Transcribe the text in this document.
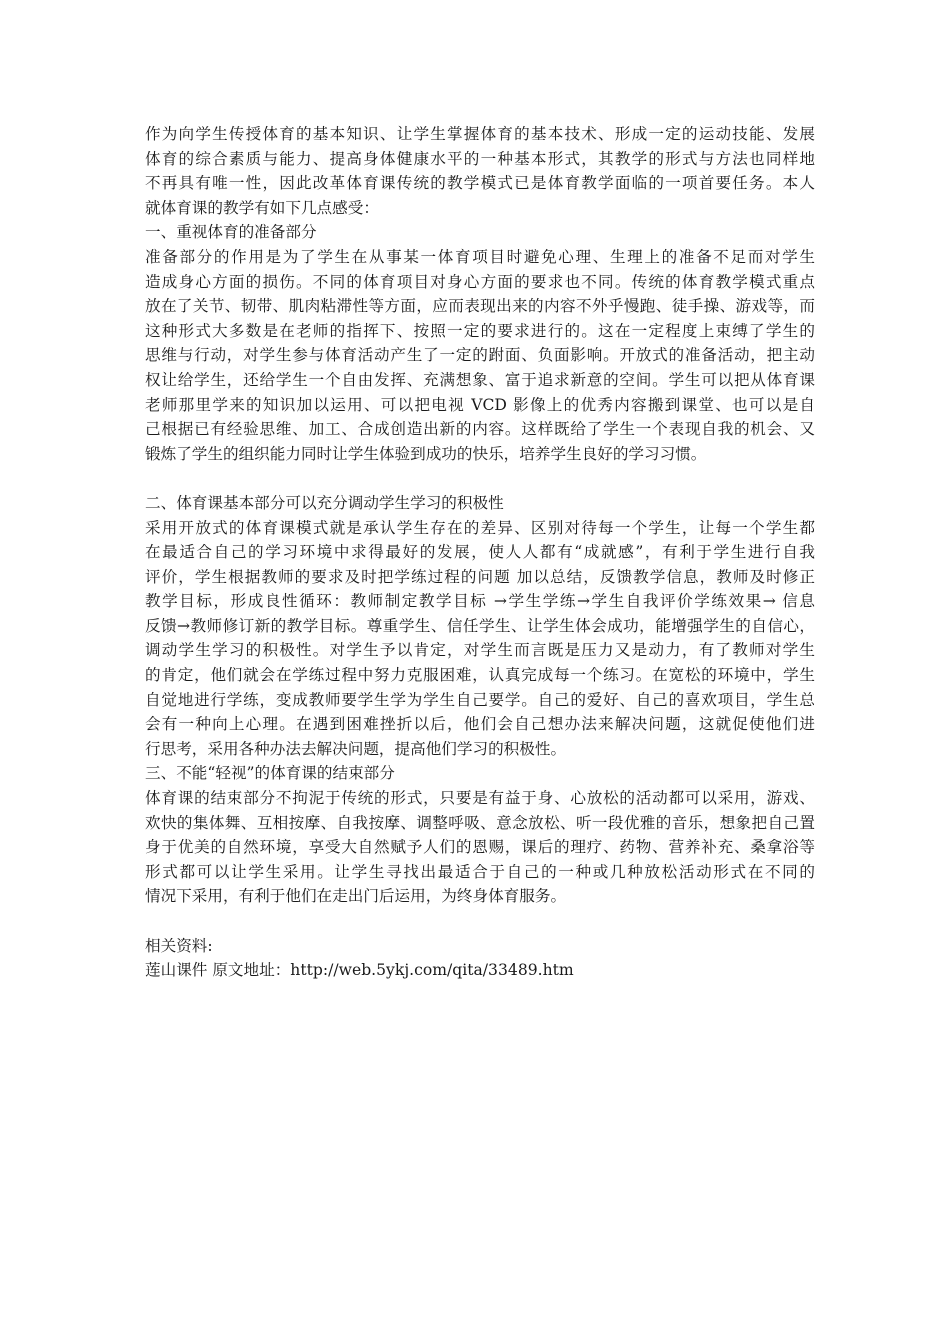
作为向学生传授体育的基本知识、让学生掌握体育的基本技术、形成一定的运动技能、发展
体育的综合素质与能力、提高身体健康水平的一种基本形式，其教学的形式与方法也同样地
不再具有唯一性，因此改革体育课传统的教学模式已是体育教学面临的一项首要任务。本人
就体育课的教学有如下几点感受：
一、重视体育的准备部分
准备部分的作用是为了学生在从事某一体育项目时避免心理、生理上的准备不足而对学生
造成身心方面的损伤。不同的体育项目对身心方面的要求也不同。传统的体育教学模式重点
放在了关节、韧带、肌肉粘滞性等方面，应而表现出来的内容不外乎慢跑、徒手操、游戏等，而
这种形式大多数是在老师的指挥下、按照一定的要求进行的。这在一定程度上束缚了学生的
思维与行动，对学生参与体育活动产生了一定的跗面、负面影响。开放式的准备活动，把主动
权让给学生，还给学生一个自由发挥、充满想象、富于追求新意的空间。学生可以把从体育课
老师那里学来的知识加以运用、可以把电视 VCD 影像上的优秀内容搬到课堂、也可以是自
己根据已有经验思维、加工、合成创造出新的内容。这样既给了学生一个表现自我的机会、又
锻炼了学生的组织能力同时让学生体验到成功的快乐，培养学生良好的学习习惯。
二、体育课基本部分可以充分调动学生学习的积极性
采用开放式的体育课模式就是承认学生存在的差异、区别对待每一个学生，让每一个学生都
在最适合自己的学习环境中求得最好的发展，使人人都有“成就感”，有利于学生进行自我
评价，学生根据教师的要求及时把学练过程的问题 加以总结，反馈教学信息，教师及时修正
教学目标，形成良性循环：教师制定教学目标 →学生学练→学生自我评价学练效果→ 信息
反馈→教师修订新的教学目标。尊重学生、信任学生、让学生体会成功，能增强学生的自信心，
调动学生学习的积极性。对学生予以肯定，对学生而言既是压力又是动力，有了教师对学生
的肯定，他们就会在学练过程中努力克服困难，认真完成每一个练习。在宽松的环境中，学生
自觉地进行学练，变成教师要学生学为学生自己要学。自己的爱好、自己的喜欢项目，学生总
会有一种向上心理。在遇到困难挫折以后，他们会自己想办法来解决问题，这就促使他们进
行思考，采用各种办法去解决问题，提高他们学习的积极性。
三、不能“轻视”的体育课的结束部分
体育课的结束部分不拘泥于传统的形式，只要是有益于身、心放松的活动都可以采用，游戏、
欢快的集体舞、互相按摩、自我按摩、调整呼吸、意念放松、听一段优雅的音乐，想象把自己置
身于优美的自然环境，享受大自然赋予人们的恩赐，课后的理疗、药物、营养补充、桑拿浴等
形式都可以让学生采用。让学生寻找出最适合于自己的一种或几种放松活动形式在不同的
情况下采用，有利于他们在走出门后运用，为终身体育服务。
相关资料:
莲山课件 原文地址：http://web.5ykj.com/qita/33489.htm
